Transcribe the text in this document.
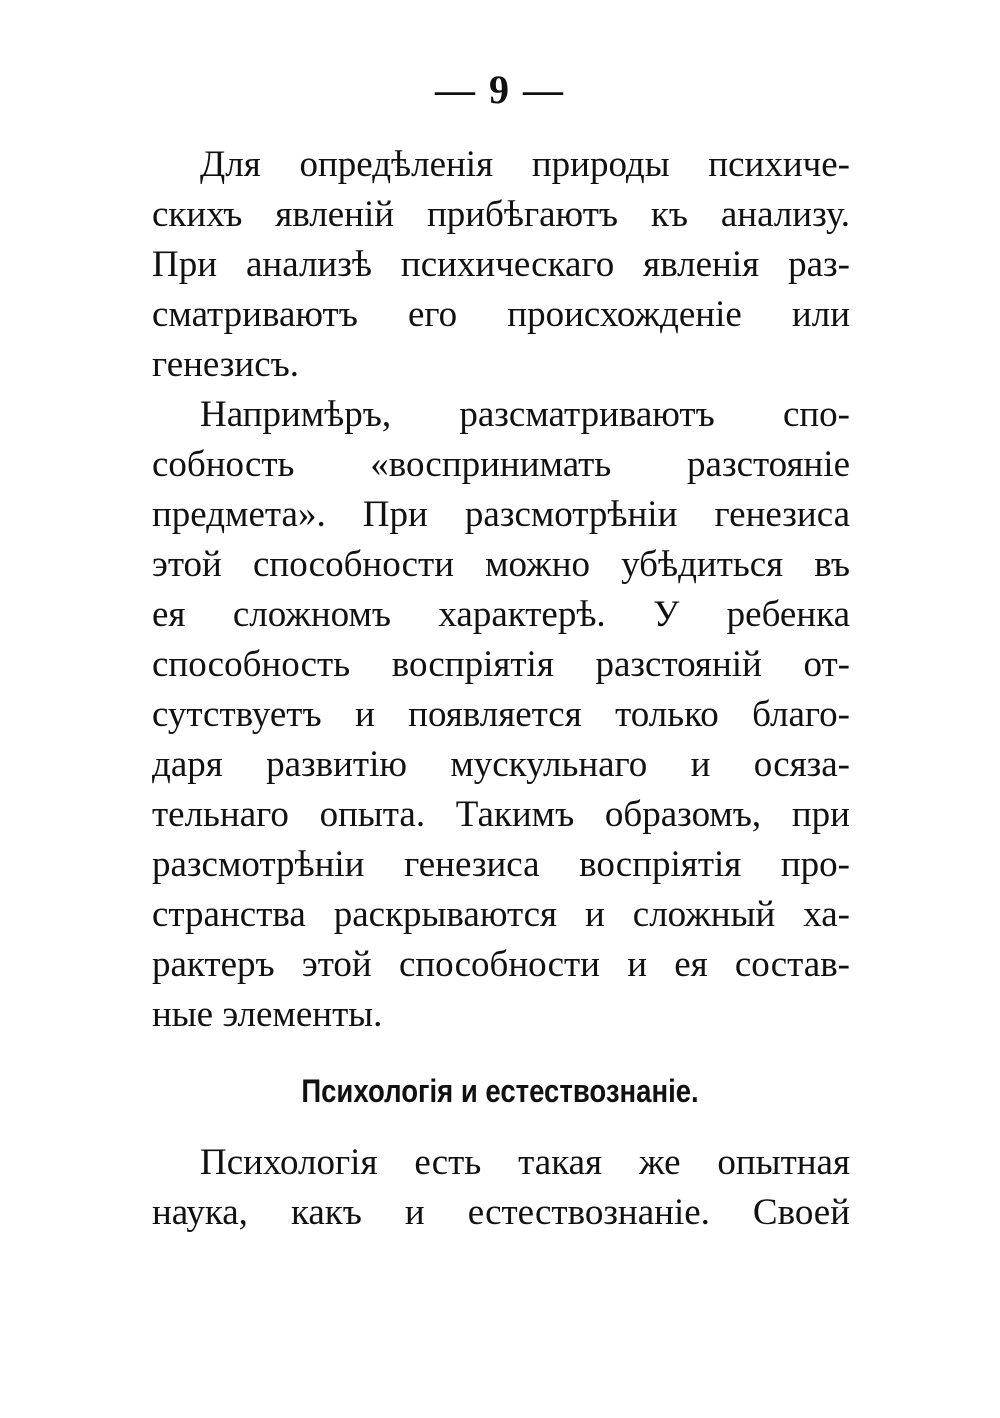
— 9 —
Для опредѣленія природы психиче-
скихъ явленій прибѣгаютъ къ анализу.
При анализѣ психическаго явленія раз-
сматриваютъ его происхожденіе или
генезисъ.
Напримѣръ, разсматриваютъ спо-
собность «воспринимать разстояніе
предмета». При разсмотрѣніи генезиса
этой способности можно убѣдиться въ
ея сложномъ характерѣ. У ребенка
способность воспріятія разстояній от-
сутствуетъ и появляется только благо-
даря развитію мускульнаго и осяза-
тельнаго опыта. Такимъ образомъ, при
разсмотрѣніи генезиса воспріятія про-
странства раскрываются и сложный ха-
рактеръ этой способности и ея состав-
ные элементы.
Психологія и естествознаніе.
Психологія есть такая же опытная
наука, какъ и естествознаніе. Своей
